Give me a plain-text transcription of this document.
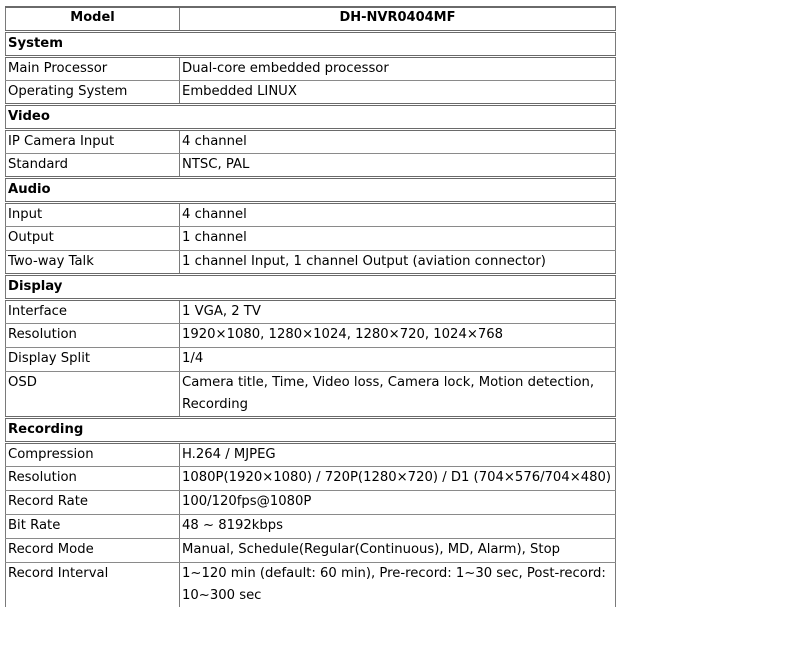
Model	DH-NVR0404MF
System	
Main Processor	Dual-core embedded processor
Operating System	Embedded LINUX
Video	
IP Camera Input	4 channel
Standard	NTSC, PAL
Audio	
Input	4 channel
Output	1 channel
Two-way Talk	1 channel Input, 1 channel Output (aviation connector)
Display	
Interface	1 VGA, 2 TV
Resolution	1920×1080, 1280×1024, 1280×720, 1024×768
Display Split	1/4
OSD	Camera title, Time, Video loss, Camera lock, Motion detection, Recording
Recording	
Compression	H.264 / MJPEG
Resolution	1080P(1920×1080) / 720P(1280×720) / D1 (704×576/704×480)
Record Rate	100/120fps@1080P
Bit Rate	48 ~ 8192kbps
Record Mode	Manual, Schedule(Regular(Continuous), MD, Alarm), Stop
Record Interval	1~120 min (default: 60 min), Pre-record: 1~30 sec, Post-record: 10~300 sec
